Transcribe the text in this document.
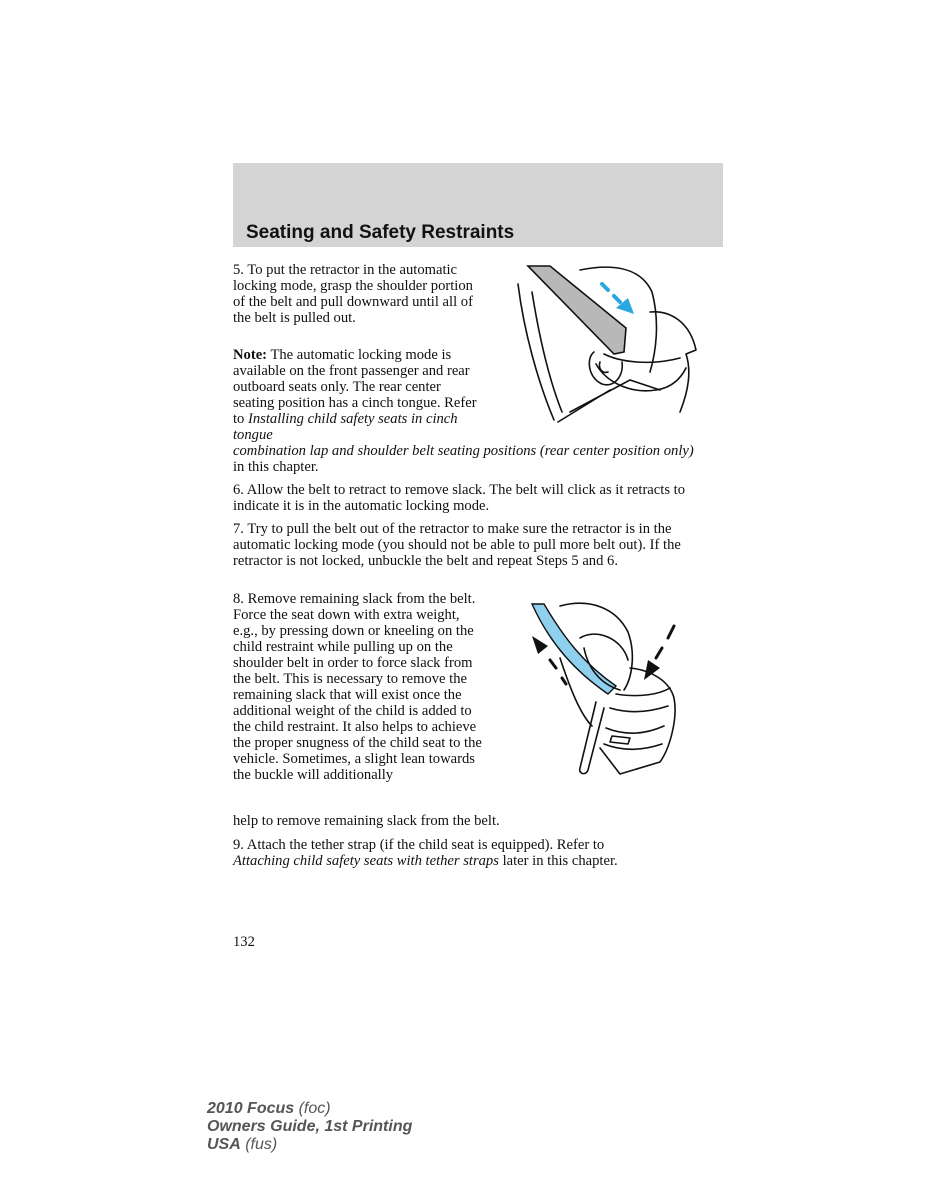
Seating and Safety Restraints

5. To put the retractor in the automatic locking mode, grasp the shoulder portion of the belt and pull downward until all of the belt is pulled out.

Note: The automatic locking mode is available on the front passenger and rear outboard seats only. The rear center seating position has a cinch tongue. Refer to Installing child safety seats in cinch tongue

combination lap and shoulder belt seating positions (rear center position only) in this chapter.

6. Allow the belt to retract to remove slack. The belt will click as it retracts to indicate it is in the automatic locking mode.

7. Try to pull the belt out of the retractor to make sure the retractor is in the automatic locking mode (you should not be able to pull more belt out). If the retractor is not locked, unbuckle the belt and repeat Steps 5 and 6.

8. Remove remaining slack from the belt. Force the seat down with extra weight, e.g., by pressing down or kneeling on the child restraint while pulling up on the shoulder belt in order to force slack from the belt. This is necessary to remove the remaining slack that will exist once the additional weight of the child is added to the child restraint. It also helps to achieve the proper snugness of the child seat to the vehicle. Sometimes, a slight lean towards the buckle will additionally

help to remove remaining slack from the belt.

9. Attach the tether strap (if the child seat is equipped). Refer to
Attaching child safety seats with tether straps later in this chapter.

132

2010 Focus (foc)
Owners Guide, 1st Printing
USA (fus)
